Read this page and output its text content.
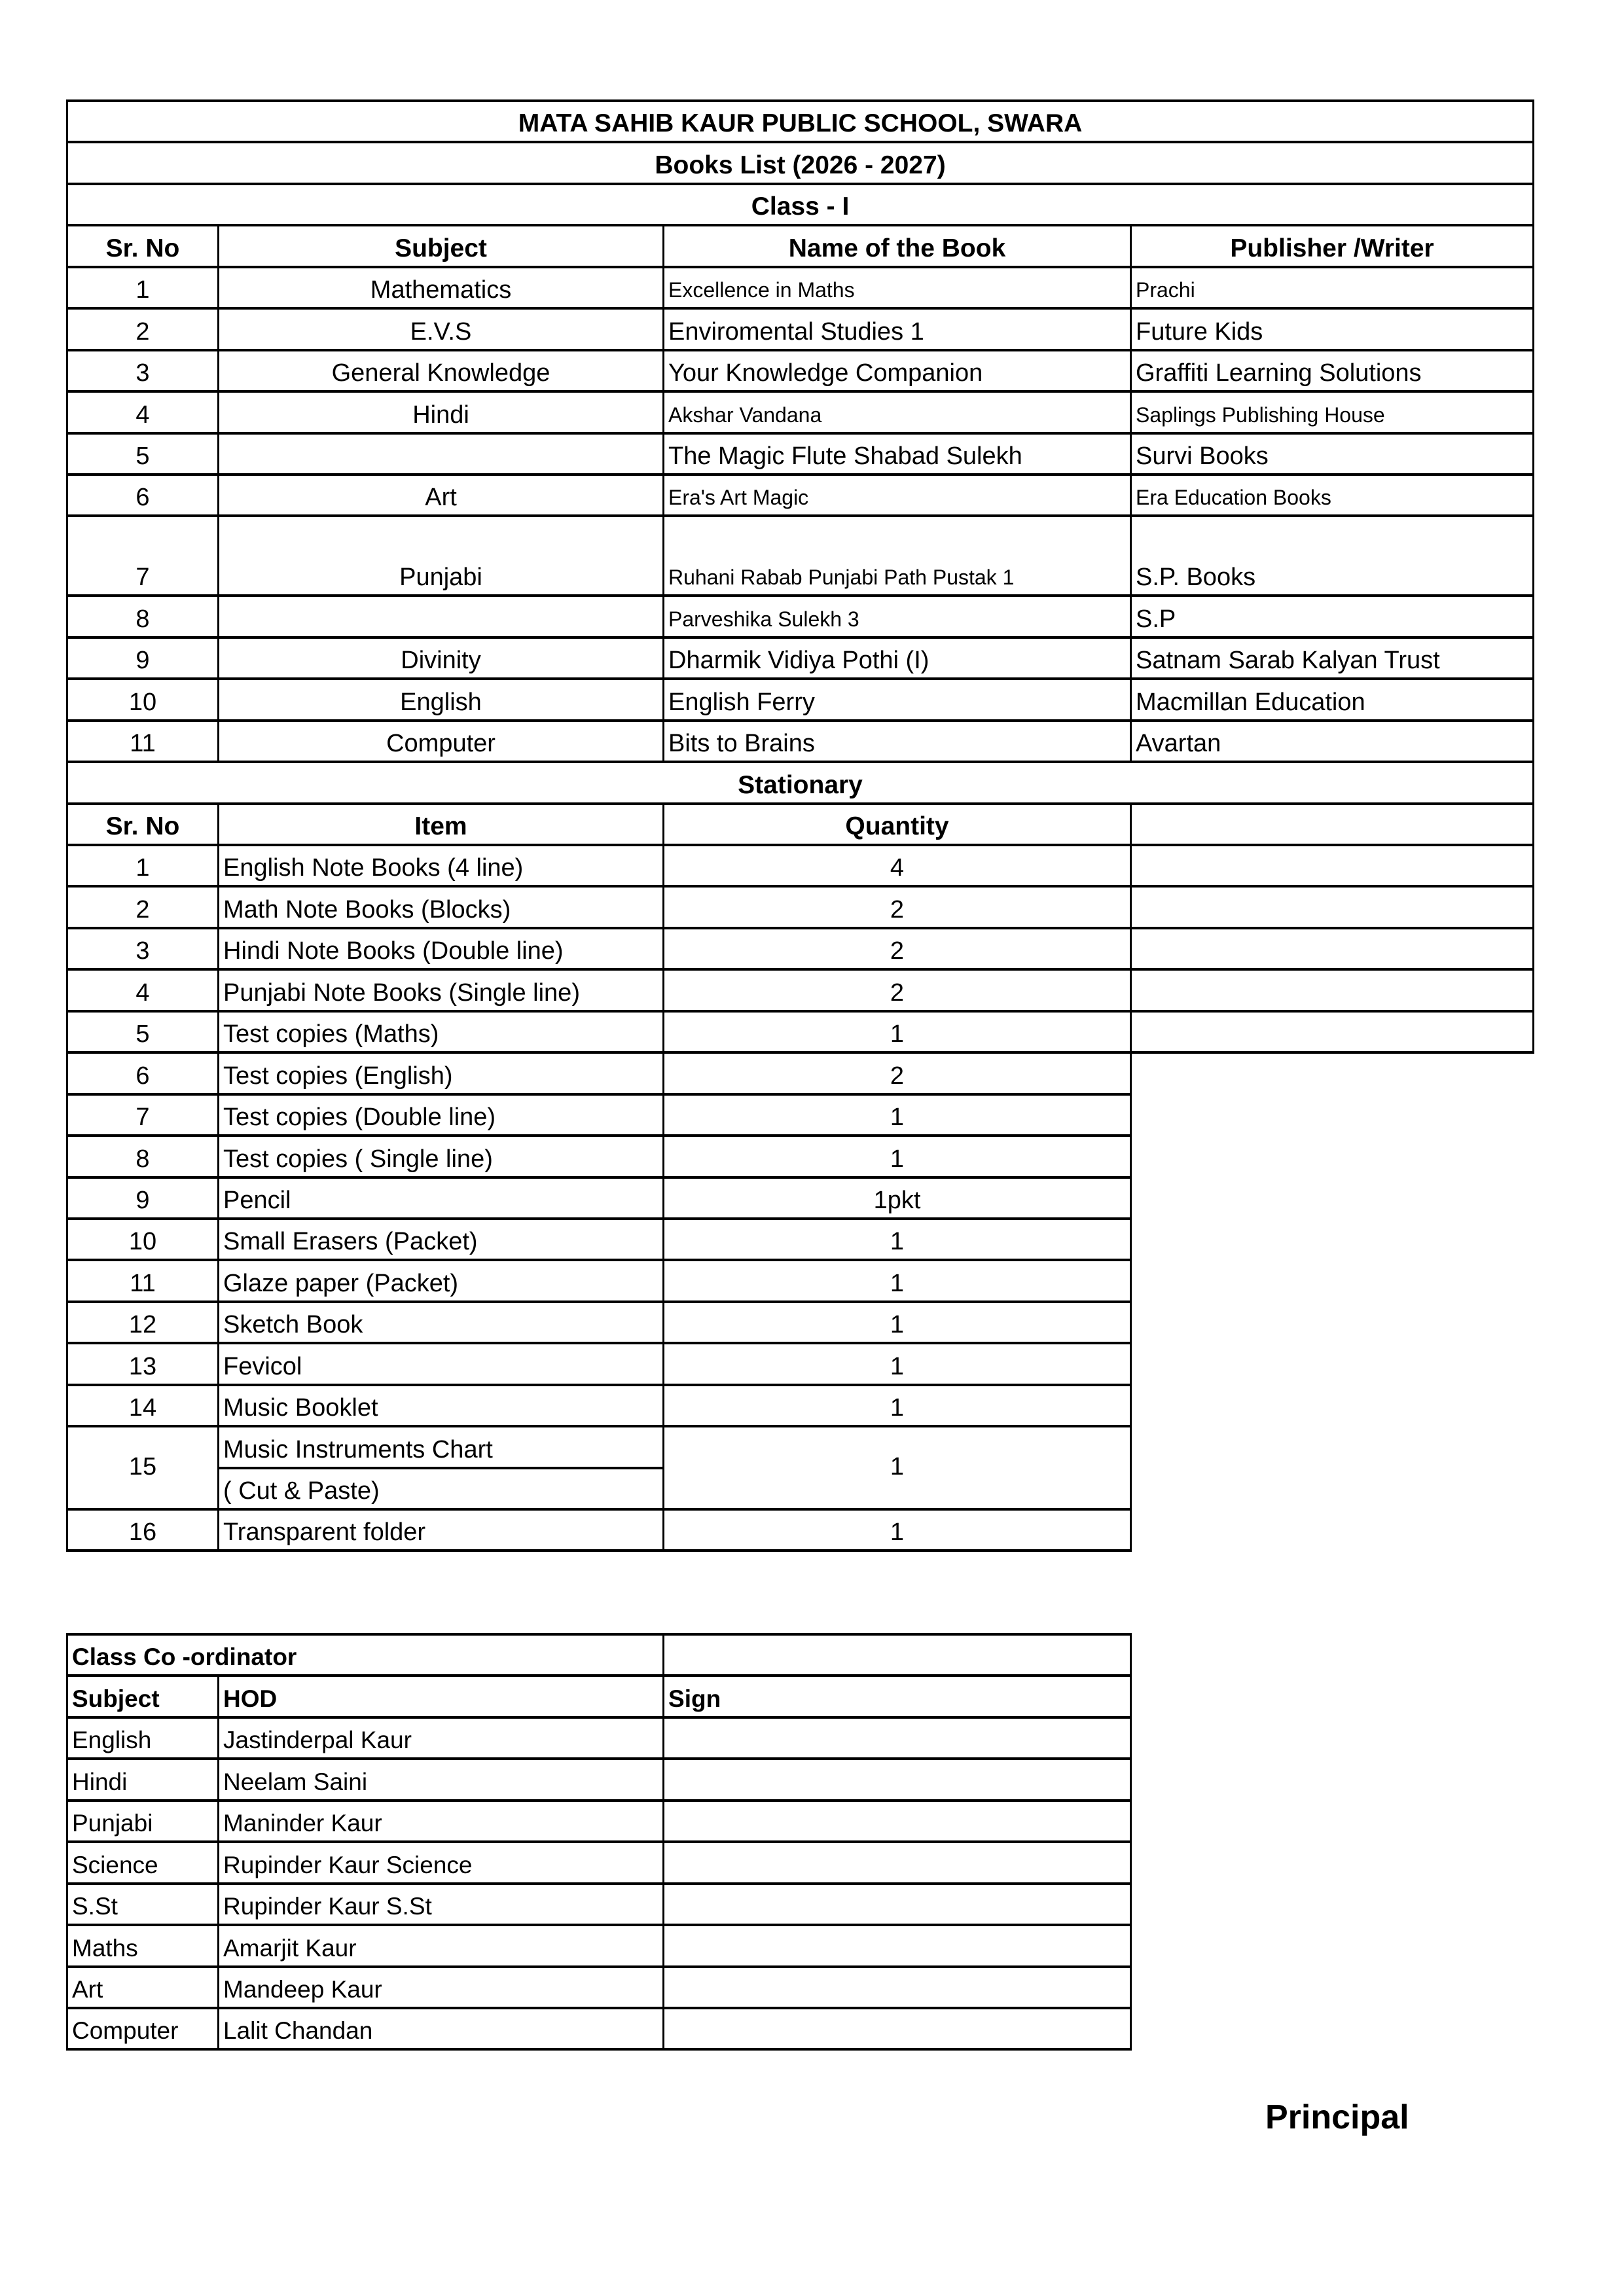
MATA SAHIB KAUR PUBLIC SCHOOL, SWARA			
Books List (2026 - 2027)			
Class - I			
Sr. No	Subject	Name of the Book	Publisher /Writer
1	Mathematics	Excellence in Maths	Prachi
2	E.V.S	Enviromental Studies 1	Future Kids
3	General Knowledge	Your Knowledge Companion	Graffiti Learning Solutions
4	Hindi	Akshar Vandana	Saplings Publishing House
5		The Magic Flute Shabad Sulekh	Survi Books
6	Art	Era's Art Magic	Era Education Books
7	Punjabi	Ruhani Rabab Punjabi Path Pustak 1	S.P. Books
8		Parveshika Sulekh 3	S.P
9	Divinity	Dharmik Vidiya Pothi (I)	Satnam Sarab Kalyan Trust
10	English	English Ferry	Macmillan Education
11	Computer	Bits to Brains	Avartan
Stationary			
Sr. No	Item	Quantity	
1	English Note Books (4 line)	4	
2	Math Note Books (Blocks)	2	
3	Hindi Note Books (Double line)	2	
4	Punjabi Note Books (Single line)	2	
5	Test copies (Maths)	1	
6	Test copies (English)	2	
7	Test copies (Double line)	1	
8	Test copies ( Single line)	1	
9	Pencil	1pkt	
10	Small Erasers (Packet)	1	
11	Glaze paper (Packet)	1	
12	Sketch Book	1	
13	Fevicol	1	
14	Music Booklet	1	
15	Music Instruments Chart	1	
	( Cut & Paste)		
16	Transparent folder	1	
Class Co -ordinator		
Subject	HOD	Sign
English	Jastinderpal Kaur	
Hindi	Neelam Saini	
Punjabi	Maninder Kaur	
Science	Rupinder Kaur Science	
S.St	Rupinder Kaur S.St	
Maths	Amarjit Kaur	
Art	Mandeep Kaur	
Computer	Lalit Chandan	
Principal
